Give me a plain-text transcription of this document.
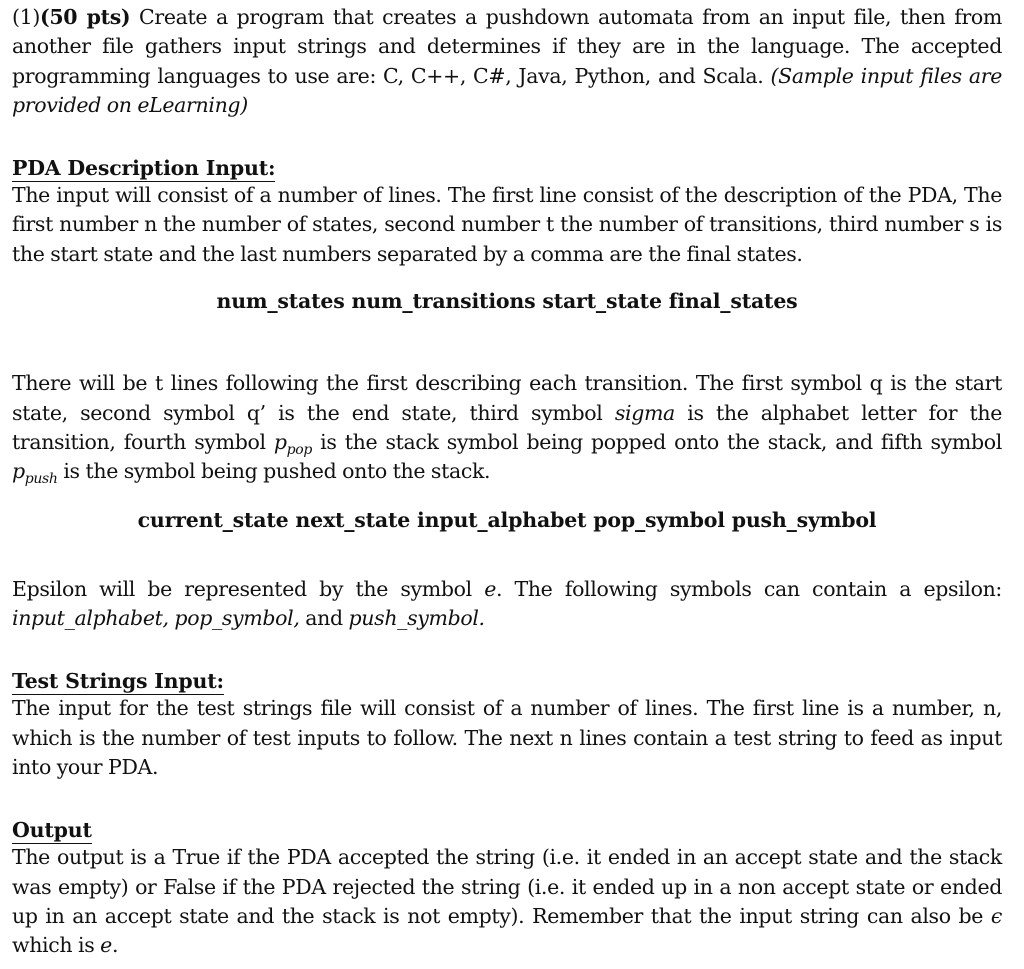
(1)(50 pts) Create a program that creates a pushdown automata from an input file, then from another file gathers input strings and determines if they are in the language. The accepted programming languages to use are: C, C++, C#, Java, Python, and Scala. (Sample input files are provided on eLearning)

PDA Description Input:

The input will consist of a number of lines. The first line consist of the description of the PDA, The first number n the number of states, second number t the number of transitions, third number s is the start state and the last numbers separated by a comma are the final states.

num_states num_transitions start_state final_states

There will be t lines following the first describing each transition. The first symbol q is the start state, second symbol q’ is the end state, third symbol sigma is the alphabet letter for the transition, fourth symbol $p_{pop}$ is the stack symbol being popped onto the stack, and fifth symbol $p_{push}$ is the symbol being pushed onto the stack.

current_state next_state input_alphabet pop_symbol push_symbol

Epsilon will be represented by the symbol e. The following symbols can contain a epsilon: input_alphabet, pop_symbol, and push_symbol.

Test Strings Input:

The input for the test strings file will consist of a number of lines. The first line is a number, n, which is the number of test inputs to follow. The next n lines contain a test string to feed as input into your PDA.

Output

The output is a True if the PDA accepted the string (i.e. it ended in an accept state and the stack was empty) or False if the PDA rejected the string (i.e. it ended up in a non accept state or ended up in an accept state and the stack is not empty). Remember that the input string can also be ϵ which is e.
